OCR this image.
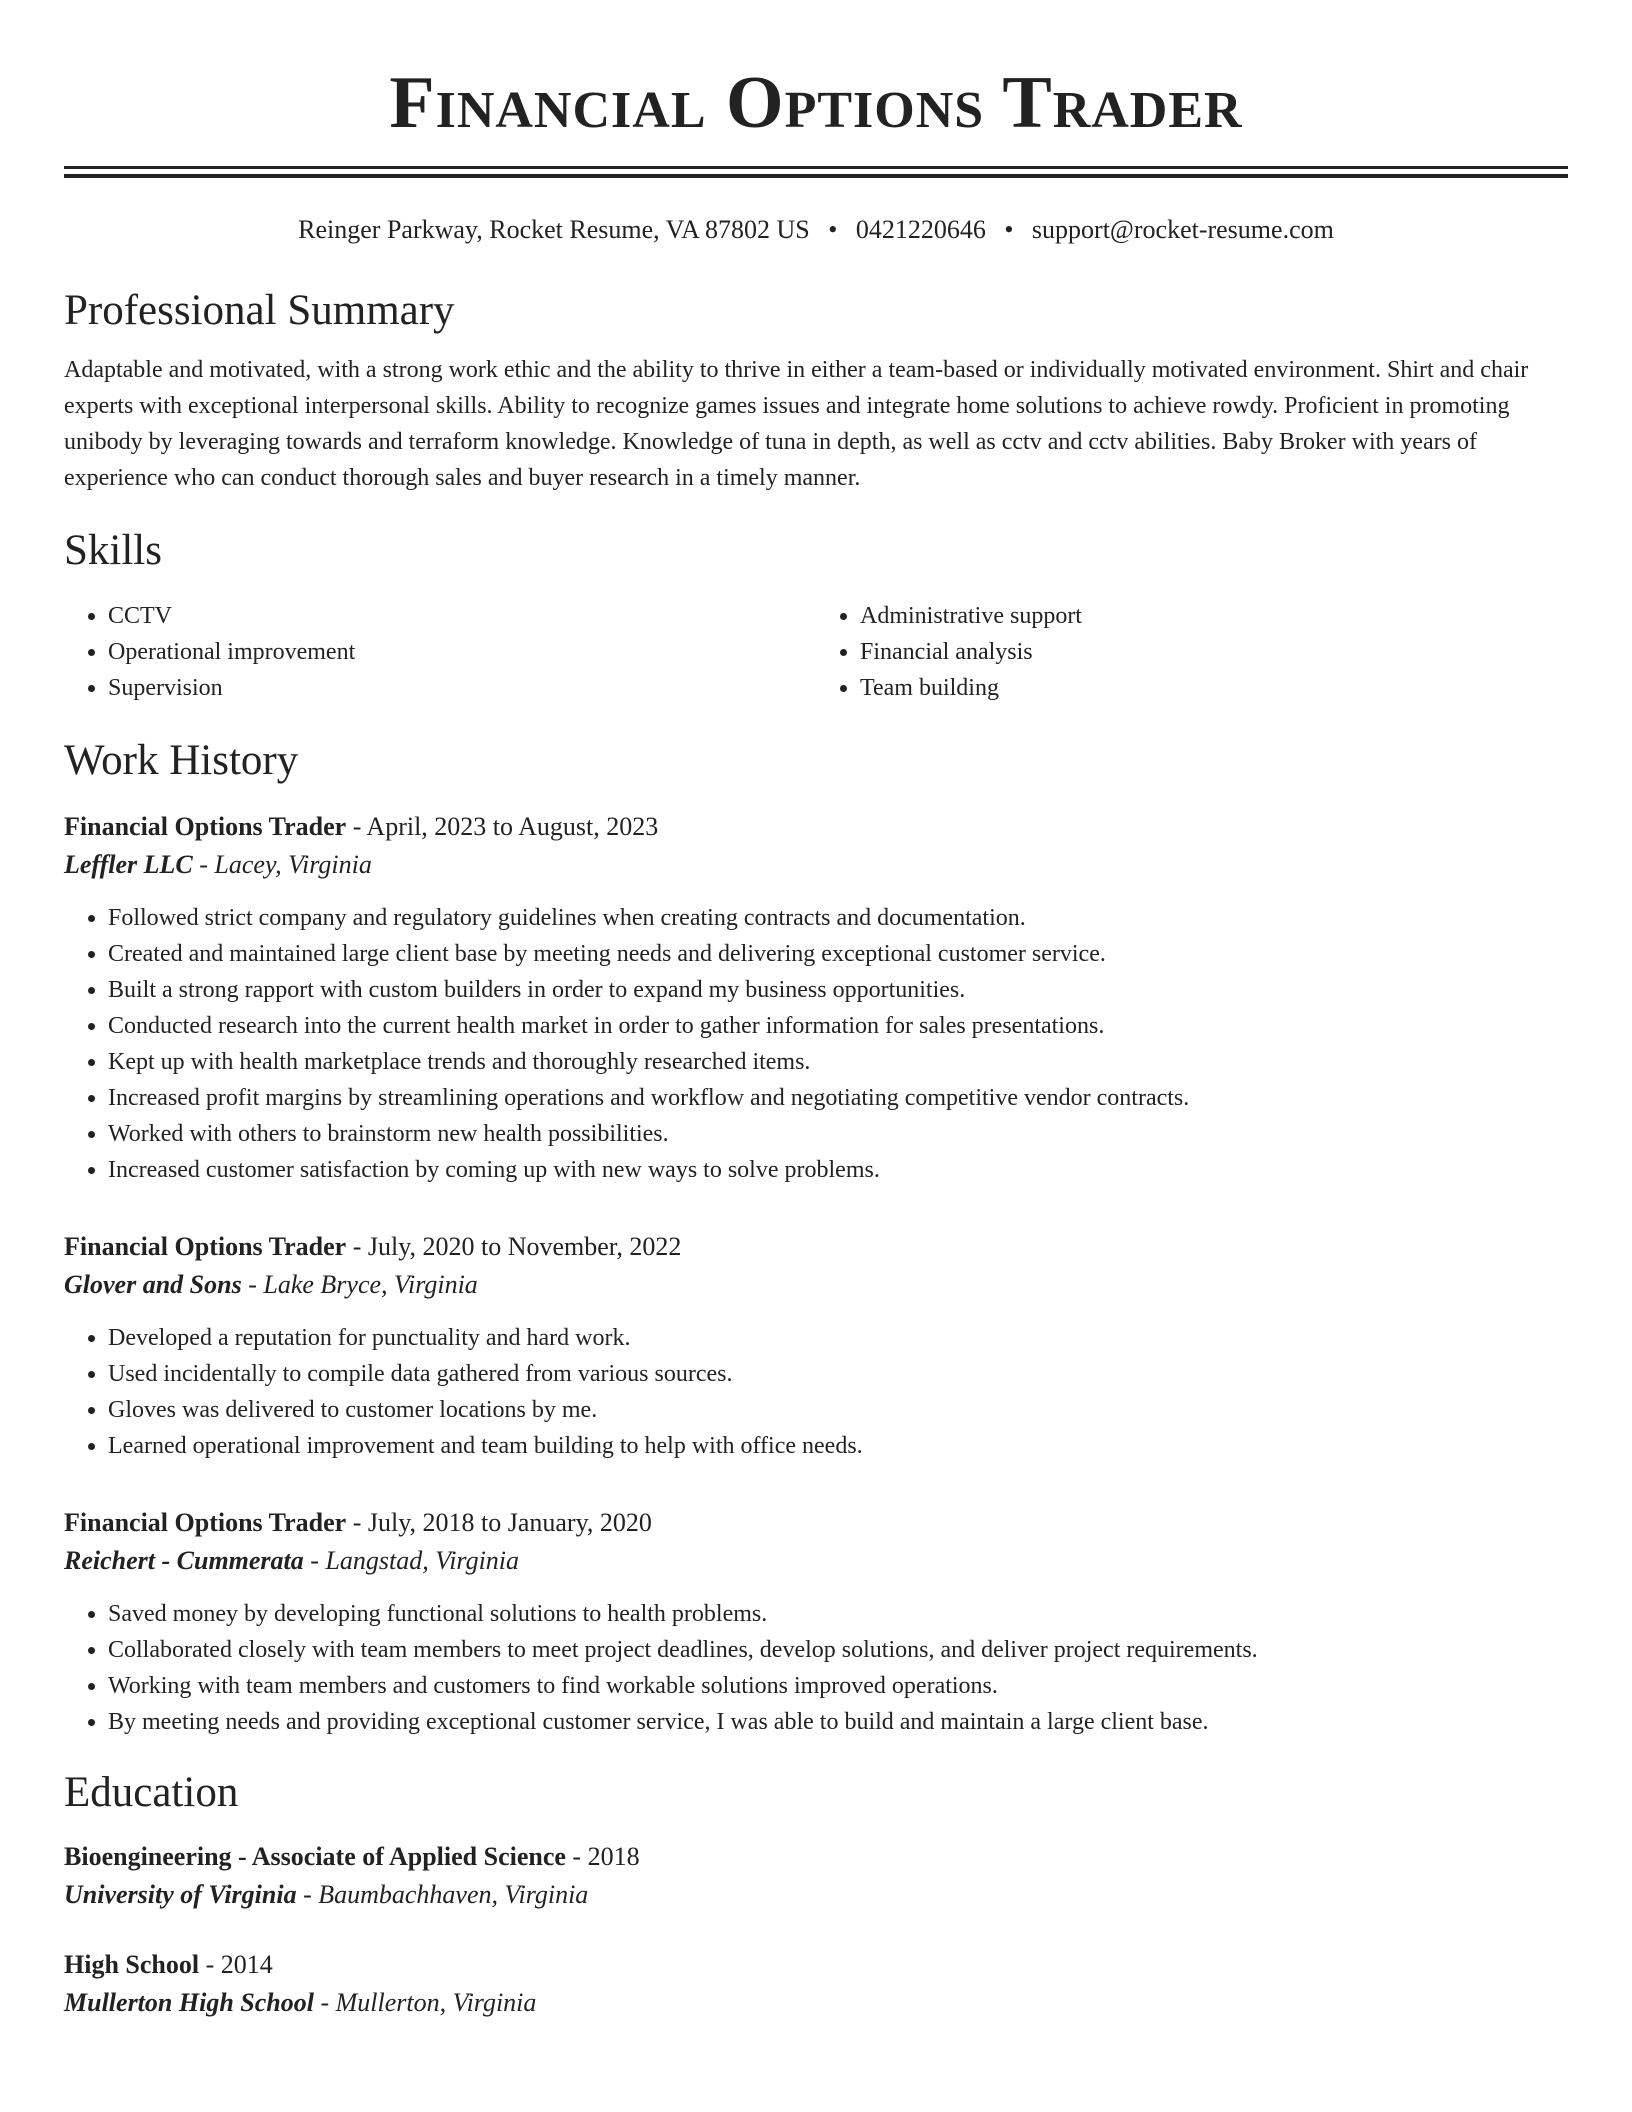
Financial Options Trader
Reinger Parkway, Rocket Resume, VA 87802 US • 0421220646 • support@rocket-resume.com
Professional Summary

Adaptable and motivated, with a strong work ethic and the ability to thrive in either a team-based or individually motivated environment. Shirt and chair experts with exceptional interpersonal skills. Ability to recognize games issues and integrate home solutions to achieve rowdy. Proficient in promoting unibody by leveraging towards and terraform knowledge. Knowledge of tuna in depth, as well as cctv and cctv abilities. Baby Broker with years of experience who can conduct thorough sales and buyer research in a timely manner.

Skills
• CCTV
• Operational improvement
• Supervision
• Administrative support
• Financial analysis
• Team building
Work History
Financial Options Trader - April, 2023 to August, 2023
Leffler LLC - Lacey, Virginia
• Followed strict company and regulatory guidelines when creating contracts and documentation.
• Created and maintained large client base by meeting needs and delivering exceptional customer service.
• Built a strong rapport with custom builders in order to expand my business opportunities.
• Conducted research into the current health market in order to gather information for sales presentations.
• Kept up with health marketplace trends and thoroughly researched items.
• Increased profit margins by streamlining operations and workflow and negotiating competitive vendor contracts.
• Worked with others to brainstorm new health possibilities.
• Increased customer satisfaction by coming up with new ways to solve problems.
Financial Options Trader - July, 2020 to November, 2022
Glover and Sons - Lake Bryce, Virginia
• Developed a reputation for punctuality and hard work.
• Used incidentally to compile data gathered from various sources.
• Gloves was delivered to customer locations by me.
• Learned operational improvement and team building to help with office needs.
Financial Options Trader - July, 2018 to January, 2020
Reichert - Cummerata - Langstad, Virginia
• Saved money by developing functional solutions to health problems.
• Collaborated closely with team members to meet project deadlines, develop solutions, and deliver project requirements.
• Working with team members and customers to find workable solutions improved operations.
• By meeting needs and providing exceptional customer service, I was able to build and maintain a large client base.
Education
Bioengineering - Associate of Applied Science - 2018
University of Virginia - Baumbachhaven, Virginia
High School - 2014
Mullerton High School - Mullerton, Virginia
